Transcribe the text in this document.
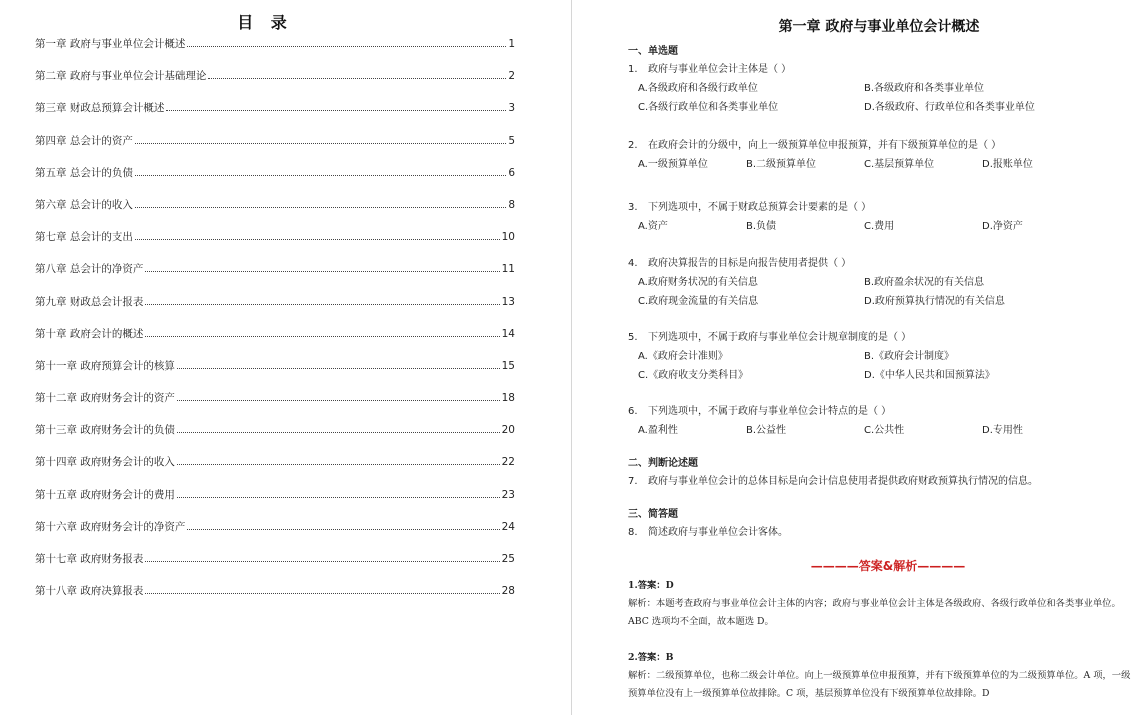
目 录
第一章 政府与事业单位会计概述	1
第二章 政府与事业单位会计基础理论	2
第三章 财政总预算会计概述	3
第四章 总会计的资产	5
第五章 总会计的负债	6
第六章 总会计的收入	8
第七章 总会计的支出	10
第八章 总会计的净资产	11
第九章 财政总会计报表	13
第十章 政府会计的概述	14
第十一章 政府预算会计的核算	15
第十二章 政府财务会计的资产	18
第十三章 政府财务会计的负债	20
第十四章 政府财务会计的收入	22
第十五章 政府财务会计的费用	23
第十六章 政府财务会计的净资产	24
第十七章 政府财务报表	25
第十八章 政府决算报表	28
第一章 政府与事业单位会计概述
一、单选题
1.	政府与事业单位会计主体是（ ）
A.各级政府和各级行政单位	B.各级政府和各类事业单位
C.各级行政单位和各类事业单位	D.各级政府、行政单位和各类事业单位
2.	在政府会计的分级中，向上一级预算单位申报预算，并有下级预算单位的是（ ）
A.一级预算单位	B.二级预算单位	C.基层预算单位	D.报账单位
3.	下列选项中，不属于财政总预算会计要素的是（ ）
A.资产	B.负债	C.费用	D.净资产
4.	政府决算报告的目标是向报告使用者提供（ ）
A.政府财务状况的有关信息	B.政府盈余状况的有关信息
C.政府现金流量的有关信息	D.政府预算执行情况的有关信息
5.	下列选项中，不属于政府与事业单位会计规章制度的是（ ）
A.《政府会计准则》	B.《政府会计制度》
C.《政府收支分类科目》	D.《中华人民共和国预算法》
6.	下列选项中，不属于政府与事业单位会计特点的是（ ）
A.盈利性	B.公益性	C.公共性	D.专用性
二、判断论述题
7.	政府与事业单位会计的总体目标是向会计信息使用者提供政府财政预算执行情况的信息。
三、简答题
8.	简述政府与事业单位会计客体。
————答案&解析————
1.答案：D
解析：本题考查政府与事业单位会计主体的内容；政府与事业单位会计主体是各级政府、各级行政单位和各类事业单位。ABC 选项均不全面，故本题选 D。
2.答案：B
解析：二级预算单位，也称二级会计单位。向上一级预算单位申报预算，并有下级预算单位的为二级预算单位。A 项，一级预算单位没有上一级预算单位故排除。C 项，基层预算单位没有下级预算单位故排除。D
